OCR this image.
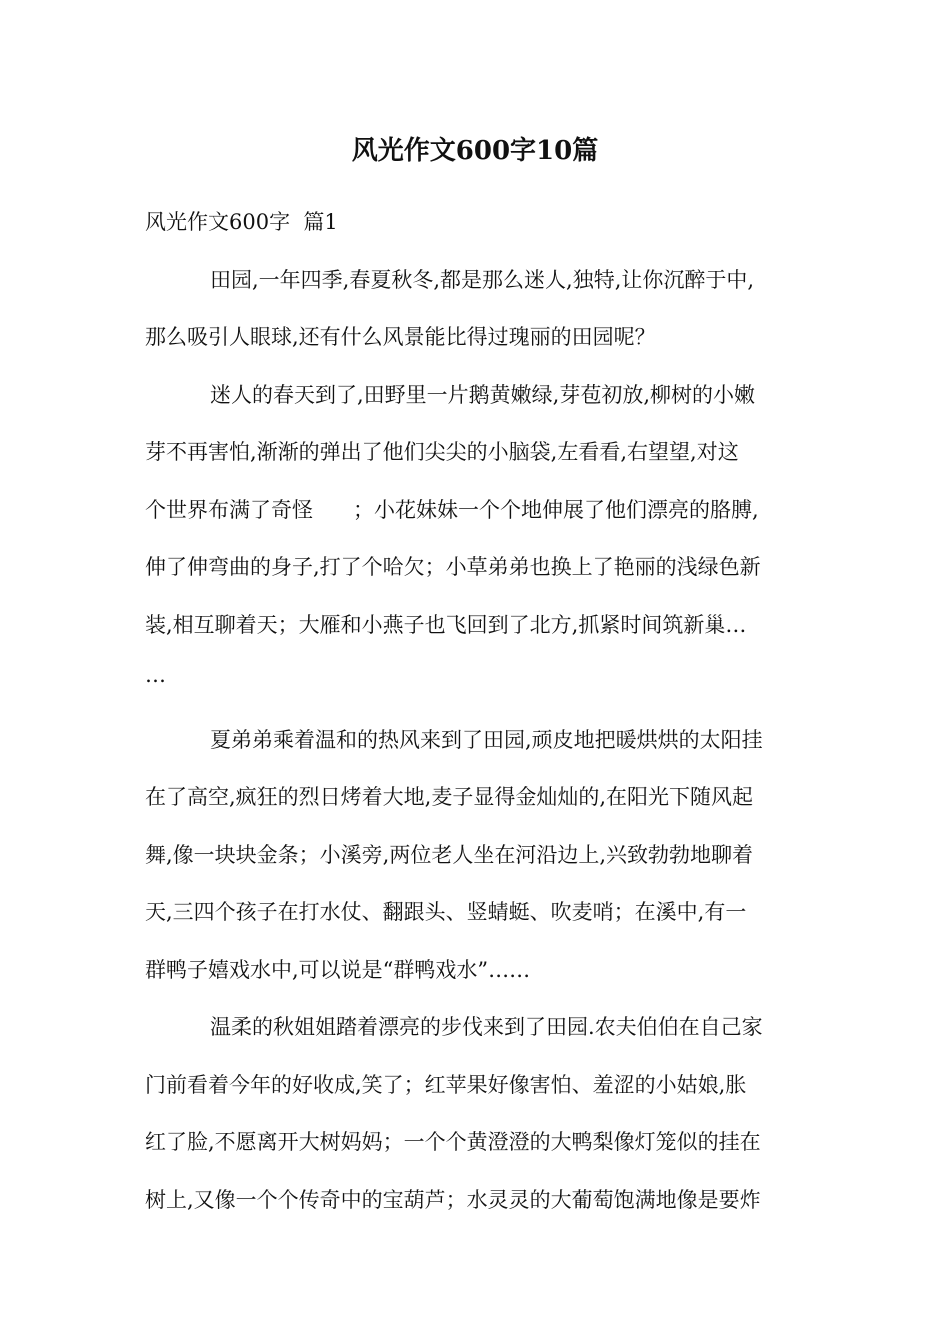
风光作文600字10篇

风光作文600字  篇1

田园,一年四季,春夏秋冬,都是那么迷人,独特,让你沉醉于中,

那么吸引人眼球,还有什么风景能比得过瑰丽的田园呢？

迷人的春天到了,田野里一片鹅黄嫩绿,芽苞初放,柳树的小嫩

芽不再害怕,渐渐的弹出了他们尖尖的小脑袋,左看看,右望望,对这

个世界布满了奇怪      ；小花妹妹一个个地伸展了他们漂亮的胳膊,

伸了伸弯曲的身子,打了个哈欠；小草弟弟也换上了艳丽的浅绿色新

装,相互聊着天；大雁和小燕子也飞回到了北方,抓紧时间筑新巢…

…

夏弟弟乘着温和的热风来到了田园,顽皮地把暖烘烘的太阳挂

在了高空,疯狂的烈日烤着大地,麦子显得金灿灿的,在阳光下随风起

舞,像一块块金条；小溪旁,两位老人坐在河沿边上,兴致勃勃地聊着

天,三四个孩子在打水仗、翻跟头、竖蜻蜓、吹麦哨；在溪中,有一

群鸭子嬉戏水中,可以说是“群鸭戏水”……

温柔的秋姐姐踏着漂亮的步伐来到了田园.农夫伯伯在自己家

门前看着今年的好收成,笑了；红苹果好像害怕、羞涩的小姑娘,胀

红了脸,不愿离开大树妈妈；一个个黄澄澄的大鸭梨像灯笼似的挂在

树上,又像一个个传奇中的宝葫芦；水灵灵的大葡萄饱满地像是要炸
